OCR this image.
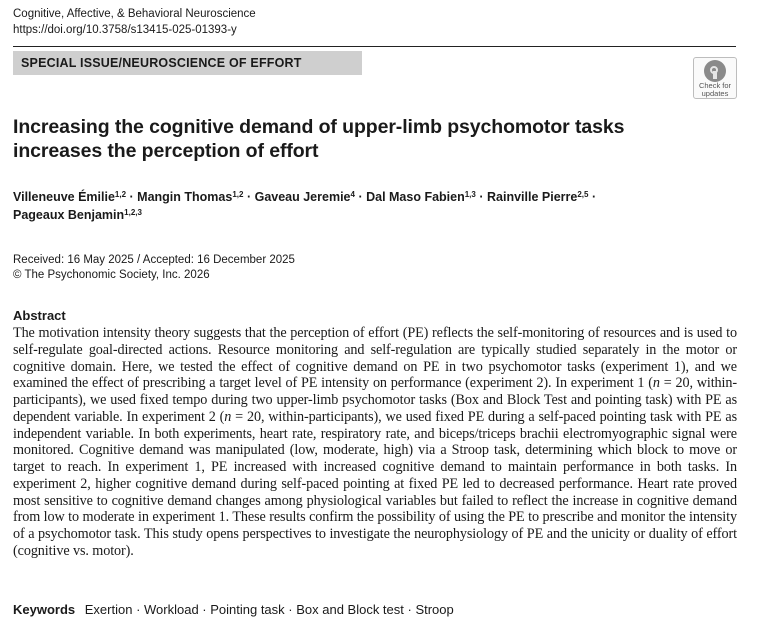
Cognitive, Affective, & Behavioral Neuroscience
https://doi.org/10.3758/s13415-025-01393-y
SPECIAL ISSUE/NEUROSCIENCE OF EFFORT
Check for
updates
Increasing the cognitive demand of upper-limb psychomotor tasks increases the perception of effort
Villeneuve Émilie$^{1,2}$ · Mangin Thomas$^{1,2}$ · Gaveau Jeremie$^4$ · Dal Maso Fabien$^{1,3}$ · Rainville Pierre$^{2,5}$ ·
Pageaux Benjamin$^{1,2,3}$
Received: 16 May 2025 / Accepted: 16 December 2025
© The Psychonomic Society, Inc. 2026
Abstract

The motivation intensity theory suggests that the perception of effort (PE) reflects the self-monitoring of resources and is used to self-regulate goal-directed actions. Resource monitoring and self-regulation are typically studied separately in the motor or cognitive domain. Here, we tested the effect of cognitive demand on PE in two psychomotor tasks (experiment 1), and we examined the effect of prescribing a target level of PE intensity on performance (experiment 2). In experiment 1 (n = 20, within-participants), we used fixed tempo during two upper-limb psychomotor tasks (Box and Block Test and pointing task) with PE as dependent variable. In experiment 2 (n = 20, within-participants), we used fixed PE during a self-paced pointing task with PE as independent variable. In both experiments, heart rate, respiratory rate, and biceps/triceps brachii electromyographic signal were monitored. Cognitive demand was manipulated (low, moderate, high) via a Stroop task, determining which block to move or target to reach. In experiment 1, PE increased with increased cognitive demand to maintain performance in both tasks. In experiment 2, higher cognitive demand during self-paced pointing at fixed PE led to decreased performance. Heart rate proved most sensitive to cognitive demand changes among physiological variables but failed to reflect the increase in cognitive demand from low to moderate in experiment 1. These results confirm the possibility of using the PE to prescribe and monitor the intensity of a psychomotor task. This study opens perspectives to investigate the neurophysiology of PE and the unicity or duality of effort (cognitive vs. motor).

Keywords Exertion · Workload · Pointing task · Box and Block test · Stroop
